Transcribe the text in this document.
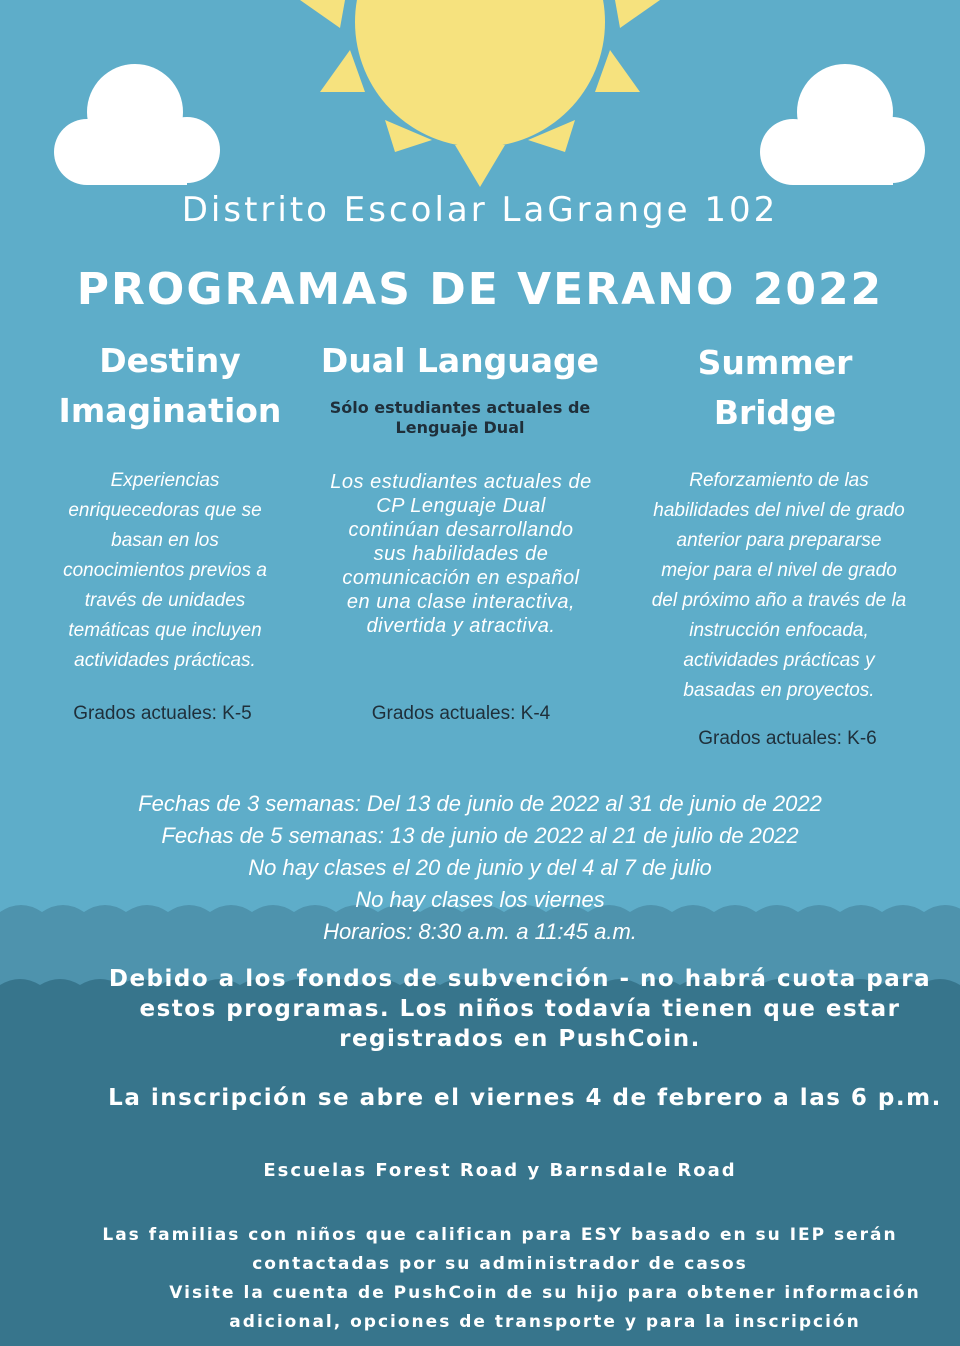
Distrito Escolar LaGrange 102
PROGRAMAS DE VERANO 2022
Destiny
Imagination
Experiencias
enriquecedoras que se
basan en los
conocimientos previos a
través de unidades
temáticas que incluyen
actividades prácticas.
Grados actuales: K-5
Dual Language
Sólo estudiantes actuales de
Lenguaje Dual
Los estudiantes actuales de
CP Lenguaje Dual
continúan desarrollando
sus habilidades de
comunicación en español
en una clase interactiva,
divertida y atractiva.
Grados actuales: K-4
Summer
Bridge
Reforzamiento de las
habilidades del nivel de grado
anterior para prepararse
mejor para el nivel de grado
del próximo año a través de la
instrucción enfocada,
actividades prácticas y
basadas en proyectos.
Grados actuales: K-6
Fechas de 3 semanas: Del 13 de junio de 2022 al 31 de junio de 2022
Fechas de 5 semanas: 13 de junio de 2022 al 21 de julio de 2022
No hay clases el 20 de junio y del 4 al 7 de julio
No hay clases los viernes
Horarios: 8:30 a.m. a 11:45 a.m.
Debido a los fondos de subvención - no habrá cuota para
estos programas. Los niños todavía tienen que estar
registrados en PushCoin.
La inscripción se abre el viernes 4 de febrero a las 6 p.m.
Escuelas Forest Road y Barnsdale Road
Las familias con niños que califican para ESY basado en su IEP serán
contactadas por su administrador de casos
Visite la cuenta de PushCoin de su hijo para obtener información
adicional, opciones de transporte y para la inscripción
